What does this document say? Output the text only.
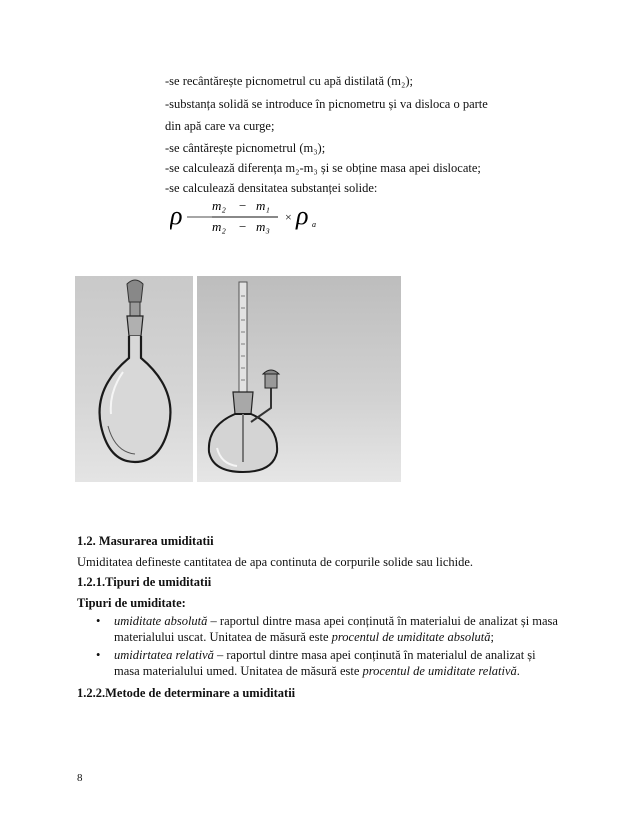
-se recântărește picnometrul cu apă distilată (m₂);
-substanța solidă se introduce în picnometru și va disloca o parte
din apă care va curge;
-se cântărește picnometrul (m₃);
-se calculează diferența m₂-m₃ și se obține masa apei dislocate;
-se calculează densitatea substanței solide:
ρ m₂ − m₁
m₂ − m₃
× ρ a
1.2. Masurarea umiditatii
Umiditatea defineste cantitatea de apa continuta de corpurile solide sau lichide.
1.2.1.Tipuri de umiditatii
Tipuri de umiditate:
• umiditate absolută – raportul dintre masa apei conținută în materialui de analizat și masa
materialului uscat. Unitatea de măsură este procentul de umiditate absolută;
• umidirtatea relativă – raportul dintre masa apei conținută în materialul de analizat și
masa materialului umed. Unitatea de măsură este procentul de umiditate relativă.
1.2.2.Metode de determinare a umiditatii
8
